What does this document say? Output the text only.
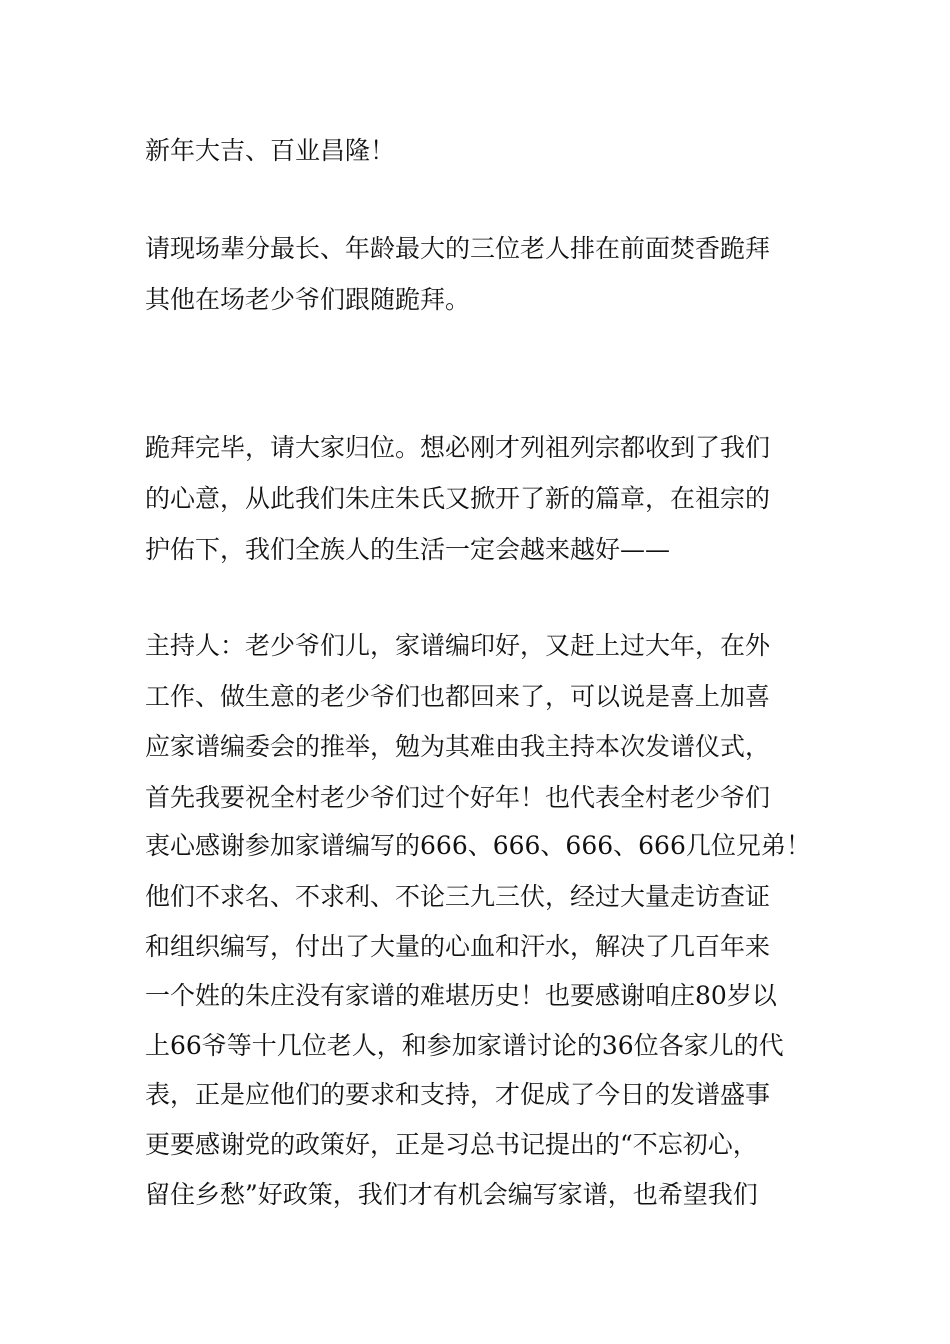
新年大吉、百业昌隆！
请现场辈分最长、年龄最大的三位老人排在前面焚香跪拜
其他在场老少爷们跟随跪拜。
跪拜完毕，请大家归位。想必刚才列祖列宗都收到了我们
的心意，从此我们朱庄朱氏又掀开了新的篇章，在祖宗的
护佑下，我们全族人的生活一定会越来越好——
主持人：老少爷们儿，家谱编印好，又赶上过大年，在外
工作、做生意的老少爷们也都回来了，可以说是喜上加喜
应家谱编委会的推举，勉为其难由我主持本次发谱仪式，
首先我要祝全村老少爷们过个好年！也代表全村老少爷们
衷心感谢参加家谱编写的666、666、666、666几位兄弟！
他们不求名、不求利、不论三九三伏，经过大量走访查证
和组织编写，付出了大量的心血和汗水，解决了几百年来
一个姓的朱庄没有家谱的难堪历史！也要感谢咱庄80岁以
上66爷等十几位老人，和参加家谱讨论的36位各家儿的代
表，正是应他们的要求和支持，才促成了今日的发谱盛事
更要感谢党的政策好，正是习总书记提出的“不忘初心，
留住乡愁”好政策，我们才有机会编写家谱，也希望我们
